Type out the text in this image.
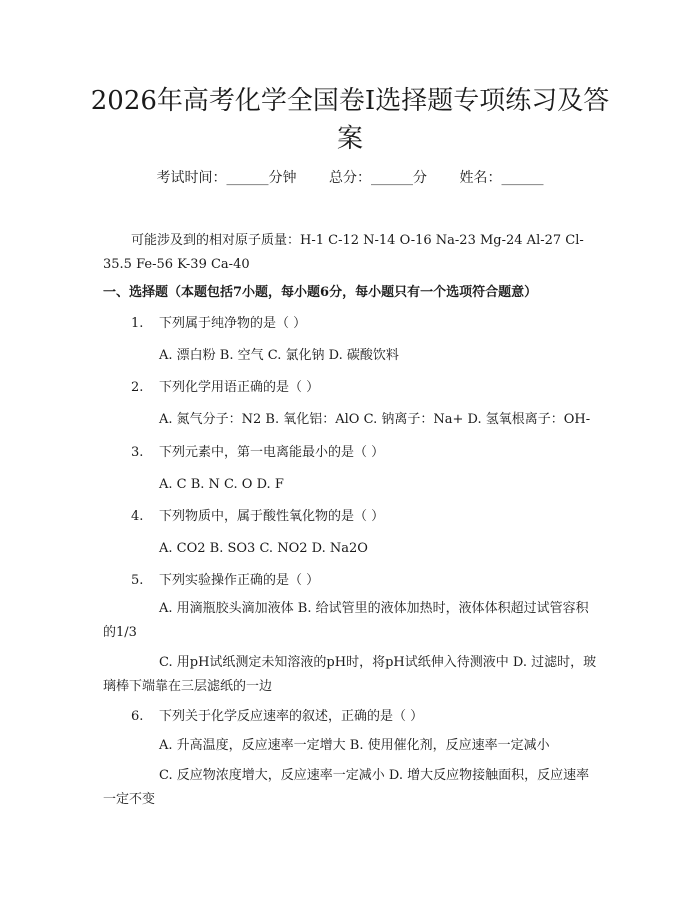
2026年高考化学全国卷Ⅰ选择题专项练习及答案
考试时间：______分钟 总分：______分 姓名：______
可能涉及到的相对原子质量：H-1 C-12 N-14 O-16 Na-23 Mg-24 Al-27 Cl-35.5 Fe-56 K-39 Ca-40
一、选择题（本题包括7小题，每小题6分，每小题只有一个选项符合题意）
1. 下列属于纯净物的是（ ）
A. 漂白粉 B. 空气 C. 氯化钠 D. 碳酸饮料
2. 下列化学用语正确的是（ ）
A. 氮气分子：N2 B. 氧化铝：AlO C. 钠离子：Na+ D. 氢氧根离子：OH-
3. 下列元素中，第一电离能最小的是（ ）
A. C B. N C. O D. F
4. 下列物质中，属于酸性氧化物的是（ ）
A. CO2 B. SO3 C. NO2 D. Na2O
5. 下列实验操作正确的是（ ）
A. 用滴瓶胶头滴加液体 B. 给试管里的液体加热时，液体体积超过试管容积的1/3
C. 用pH试纸测定未知溶液的pH时，将pH试纸伸入待测液中 D. 过滤时，玻璃棒下端靠在三层滤纸的一边
6. 下列关于化学反应速率的叙述，正确的是（ ）
A. 升高温度，反应速率一定增大 B. 使用催化剂，反应速率一定减小
C. 反应物浓度增大，反应速率一定减小 D. 增大反应物接触面积，反应速率一定不变
